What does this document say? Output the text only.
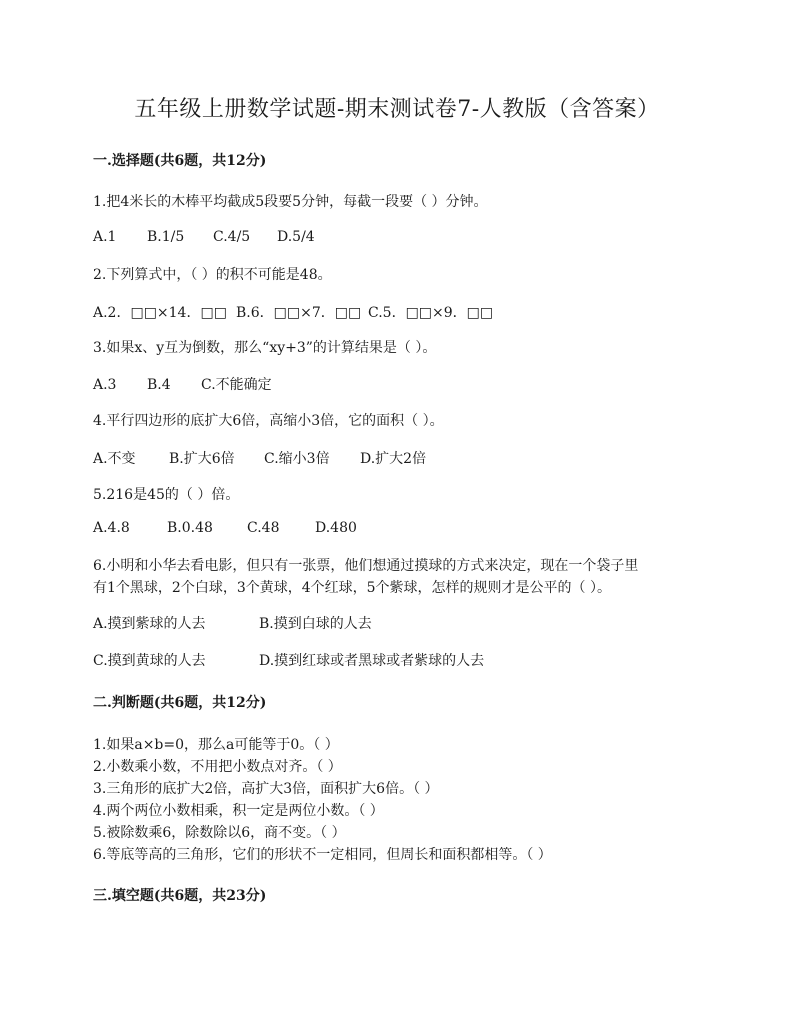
五年级上册数学试题-期末测试卷7-人教版（含答案）
一.选择题(共6题，共12分)
1.把4米长的木棒平均截成5段要5分钟，每截一段要（ ）分钟。
A.1 B.1/5 C.4/5 D.5/4
2.下列算式中，（ ）的积不可能是48。
A.2．□□×14．□□ B.6．□□×7．□□ C.5．□□×9．□□
3.如果x、y互为倒数，那么“xy+3”的计算结果是（ ）。
A.3 B.4 C.不能确定
4.平行四边形的底扩大6倍，高缩小3倍，它的面积（ ）。
A.不变 B.扩大6倍 C.缩小3倍 D.扩大2倍
5.216是45的（ ）倍。
A.4.8	B.0.48 C.48	D.480
6.小明和小华去看电影，但只有一张票，他们想通过摸球的方式来决定，现在一个袋子里
有1个黑球，2个白球，3个黄球，4个红球，5个紫球，怎样的规则才是公平的（ ）。
A.摸到紫球的人去	B.摸到白球的人去
C.摸到黄球的人去	D.摸到红球或者黑球或者紫球的人去
二.判断题(共6题，共12分)
1.如果a×b=0，那么a可能等于0。（ ）
2.小数乘小数，不用把小数点对齐。（ ）
3.三角形的底扩大2倍，高扩大3倍，面积扩大6倍。（ ）
4.两个两位小数相乘，积一定是两位小数。（ ）
5.被除数乘6，除数除以6，商不变。（ ）
6.等底等高的三角形，它们的形状不一定相同，但周长和面积都相等。（ ）
三.填空题(共6题，共23分)
